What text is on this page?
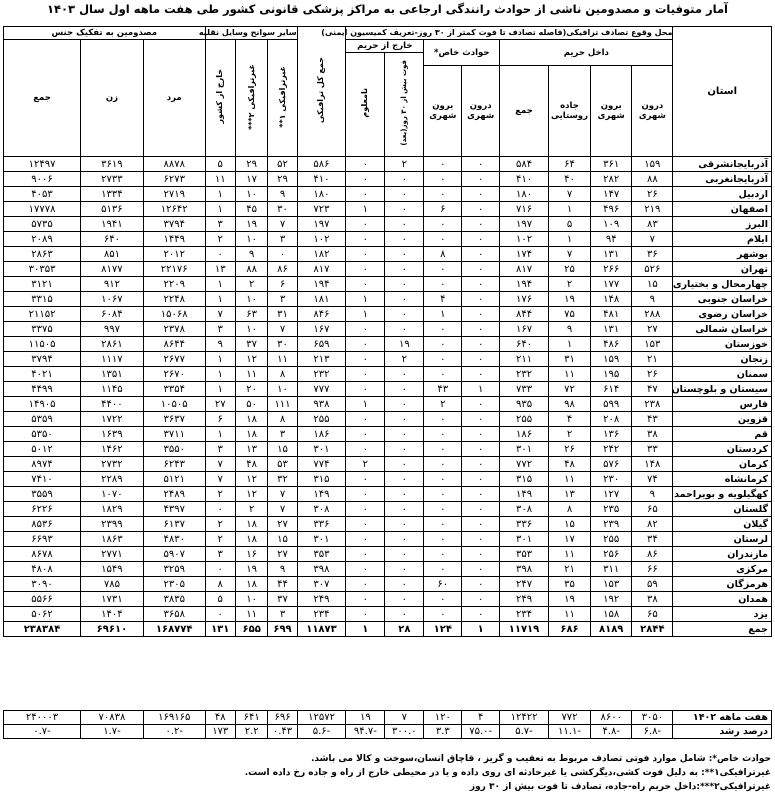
آمار متوفیات و مصدومین ناشی از حوادث رانندگی ارجاعی به مراکز پزشکی قانونی کشور طی هفت ماهه اول سال ۱۴۰۳
استان	محل وقوع تصادف ترافیکی(فاصله تصادف تا فوت کمتر از ۳۰ روز-تعریف کمیسیون ایمنی)								جمع کل ترافیکی	سایر سوانح وسایل نقلیه			مصدومین به تفکیک جنس		
	داخل حریم				حوادث خاص*		خارج از حریم			غیرترافیکی ۱**	غیرترافیکی ۲***	خارج از کشور	مرد	زن	جمع
							فوت بیش از ۳۰ روز(بعد)	نامعلوم							
	درون شهری	برون شهری	جاده روستایی	جمع	درون شهری	برون شهری									
آذربایجانشرقی	۱۵۹	۳۶۱	۶۴	۵۸۴	۰	۰	۲	۰	۵۸۶	۵۲	۲۹	۵	۸۸۷۸	۳۶۱۹	۱۲۴۹۷
آذربایجانغربی	۸۸	۲۸۲	۴۰	۴۱۰	۰	۰	۰	۰	۴۱۰	۲۹	۱۷	۱۱	۶۲۷۳	۲۷۳۳	۹۰۰۶
اردبیل	۲۶	۱۴۷	۷	۱۸۰	۰	۰	۰	۰	۱۸۰	۹	۱۰	۱	۲۷۱۹	۱۳۳۴	۴۰۵۳
اصفهان	۲۱۹	۴۹۶	۱	۷۱۶	۰	۶	۰	۱	۷۲۳	۳۰	۴۵	۱	۱۲۶۴۲	۵۱۳۶	۱۷۷۷۸
البرز	۸۳	۱۰۹	۵	۱۹۷	۰	۰	۰	۰	۱۹۷	۷	۱۹	۳	۳۷۹۴	۱۹۴۱	۵۷۳۵
ایلام	۷	۹۴	۱	۱۰۲	۰	۰	۰	۰	۱۰۲	۳	۱۰	۲	۱۴۴۹	۶۴۰	۲۰۸۹
بوشهر	۳۶	۱۳۱	۷	۱۷۴	۰	۸	۰	۰	۱۸۲	۰	۹	۰	۲۰۱۲	۸۵۱	۲۸۶۳
تهران	۵۲۶	۲۶۶	۲۵	۸۱۷	۰	۰	۰	۰	۸۱۷	۸۶	۸۸	۱۳	۲۲۱۷۶	۸۱۷۷	۳۰۳۵۳
چهارمحال و بختیاری	۱۵	۱۷۷	۲	۱۹۴	۰	۰	۰	۰	۱۹۴	۶	۲	۱	۲۲۰۹	۹۱۲	۳۱۲۱
خراسان جنوبی	۹	۱۴۸	۱۹	۱۷۶	۰	۴	۰	۱	۱۸۱	۳	۱۰	۱	۲۲۴۸	۱۰۶۷	۳۳۱۵
خراسان رضوی	۲۸۸	۴۸۱	۷۵	۸۴۴	۰	۱	۰	۱	۸۴۶	۳۱	۶۳	۷	۱۵۰۶۸	۶۰۸۴	۲۱۱۵۲
خراسان شمالی	۲۷	۱۳۱	۹	۱۶۷	۰	۰	۰	۰	۱۶۷	۷	۱۰	۳	۲۳۷۸	۹۹۷	۳۳۷۵
خوزستان	۱۵۳	۴۸۶	۱	۶۴۰	۰	۰	۱۹	۰	۶۵۹	۳۰	۳۷	۹	۸۶۴۴	۲۸۶۱	۱۱۵۰۵
زنجان	۲۱	۱۵۹	۳۱	۲۱۱	۰	۰	۲	۰	۲۱۳	۱۱	۱۲	۱	۲۶۷۷	۱۱۱۷	۳۷۹۴
سمنان	۲۶	۱۹۵	۱۱	۲۳۲	۰	۰	۰	۰	۲۳۲	۸	۱۱	۱	۲۶۷۰	۱۳۵۱	۴۰۲۱
سیستان و بلوچستان	۴۷	۶۱۴	۷۲	۷۳۳	۱	۴۳	۰	۰	۷۷۷	۱۰	۲۰	۱	۳۳۵۴	۱۱۴۵	۴۴۹۹
فارس	۲۳۸	۵۹۹	۹۸	۹۳۵	۰	۲	۰	۱	۹۳۸	۱۱۱	۵۰	۲۷	۱۰۵۰۵	۴۴۰۰	۱۴۹۰۵
قزوین	۴۳	۲۰۸	۴	۲۵۵	۰	۰	۰	۰	۲۵۵	۸	۱۸	۶	۳۶۳۷	۱۷۲۲	۵۳۵۹
قم	۳۸	۱۳۶	۲	۱۸۶	۰	۰	۰	۰	۱۸۶	۳	۱۸	۱	۳۷۱۱	۱۶۳۹	۵۳۵۰
کردستان	۳۳	۲۴۲	۲۶	۳۰۱	۰	۰	۰	۰	۳۰۱	۱۵	۱۳	۳	۳۵۵۰	۱۴۶۲	۵۰۱۲
کرمان	۱۴۸	۵۷۶	۴۸	۷۷۲	۰	۰	۰	۲	۷۷۴	۵۳	۴۸	۷	۶۲۴۳	۲۷۳۲	۸۹۷۴
کرمانشاه	۷۴	۲۳۰	۱۱	۳۱۵	۰	۰	۰	۰	۳۱۵	۳۲	۱۲	۷	۵۱۲۱	۲۲۸۹	۷۴۱۰
کهگیلویه و بویراحمد	۹	۱۲۷	۱۳	۱۴۹	۰	۰	۰	۰	۱۴۹	۷	۱۲	۲	۲۴۸۹	۱۰۷۰	۳۵۵۹
گلستان	۶۵	۲۳۵	۸	۳۰۸	۰	۰	۰	۰	۳۰۸	۷	۲	۰	۴۳۹۷	۱۸۲۹	۶۲۲۶
گیلان	۸۲	۲۳۹	۱۵	۳۳۶	۰	۰	۰	۰	۳۳۶	۲۷	۱۸	۲	۶۱۳۷	۲۳۹۹	۸۵۳۶
لرستان	۳۴	۲۵۵	۱۷	۳۰۱	۰	۰	۰	۰	۳۰۱	۱۵	۱۸	۲	۴۸۳۰	۱۸۶۳	۶۶۹۳
مازندران	۸۶	۲۵۶	۱۱	۳۵۳	۰	۰	۰	۰	۳۵۳	۲۷	۱۶	۳	۵۹۰۷	۲۷۷۱	۸۶۷۸
مرکزی	۶۶	۳۱۱	۲۱	۳۹۸	۰	۰	۰	۰	۳۹۸	۹	۱۹	۰	۳۲۵۹	۱۵۴۹	۴۸۰۸
هرمزگان	۵۹	۱۵۳	۳۵	۲۴۷	۰	۶۰	۰	۰	۳۰۷	۴۴	۱۸	۸	۲۳۰۵	۷۸۵	۳۰۹۰
همدان	۳۸	۱۹۲	۱۹	۲۴۹	۰	۰	۰	۰	۲۴۹	۳۷	۱۰	۵	۳۸۳۵	۱۷۳۱	۵۵۶۶
یزد	۶۵	۱۵۸	۱۱	۲۳۴	۰	۰	۰	۰	۲۳۴	۳	۱۱	۰	۳۶۵۸	۱۴۰۴	۵۰۶۲
جمع	۲۸۴۴	۸۱۸۹	۶۸۶	۱۱۷۱۹	۱	۱۲۴	۲۸	۱	۱۱۸۷۳	۶۹۹	۶۵۵	۱۳۱	۱۶۸۷۷۴	۶۹۶۱۰	۲۳۸۳۸۴
هفت ماهه ۱۴۰۲	۳۰۵۰	۸۶۰۰	۷۷۲	۱۲۴۲۲	۴	۱۲۰	۷	۱۹	۱۲۵۷۲	۶۹۶	۶۴۱	۴۸	۱۶۹۱۶۵	۷۰۸۳۸	۲۴۰۰۰۳
درصد رشد	-۶.۸	-۴.۸	-۱۱.۱	-۵.۷	-۷۵.۰	۳.۳	۳۰۰.۰	-۹۴.۷	-۵.۶	۰.۴۳	۲.۲	۱۷۳	-۰.۲	-۱.۷	-۰.۷
حوادث خاص*: شامل موارد فوتی تصادف مربوط به تعقیب و گریز ، قاچاق انسان،سوخت و کالا می باشد.
غیرترافیکی۱**: به دلیل فوت کشی،دیگرکشی یا غیرحادثه ای روی داده و یا در محیطی خارج از راه و جاده رخ داده است.
غیرترافیکی۲***:داخل حریم راه-جاده، تصادف تا فوت بیش از ۳۰ روز
